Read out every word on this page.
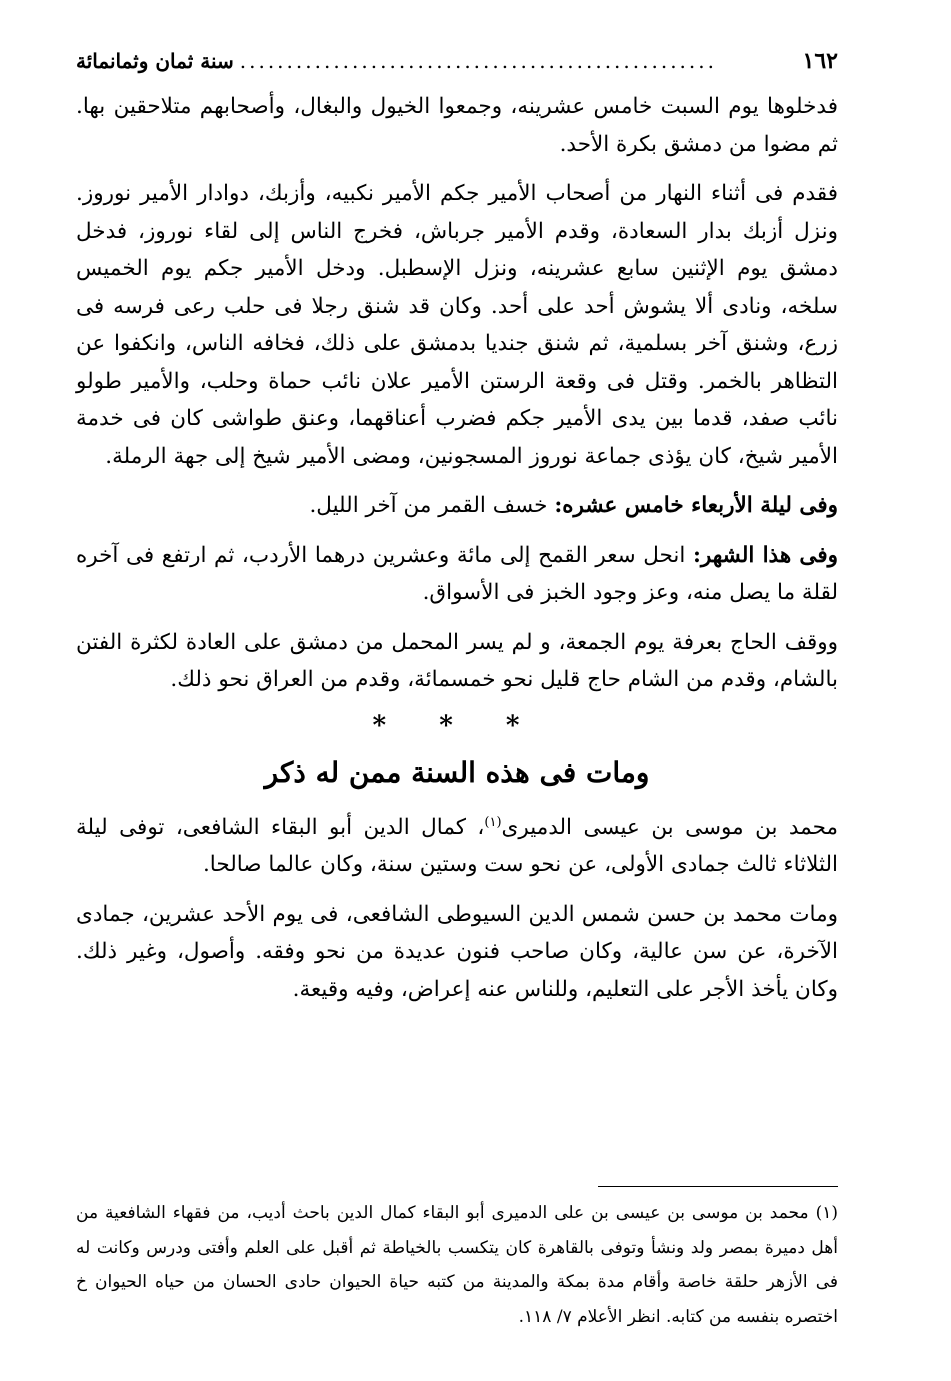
١٦٢
...................................................
سنة ثمان وثمانمائة

فدخلوها يوم السبت خامس عشرينه، وجمعوا الخيول والبغال، وأصحابهم متلاحقين بها. ثم مضوا من دمشق بكرة الأحد.

فقدم فى أثناء النهار من أصحاب الأمير جكم الأمير نكبيه، وأزبك، دوادار الأمير نوروز. ونزل أزبك بدار السعادة، وقدم الأمير جرباش، فخرج الناس إلى لقاء نوروز، فدخل دمشق يوم الإثنين سابع عشرينه، ونزل الإسطبل. ودخل الأمير جكم يوم الخميس سلخه، ونادى ألا يشوش أحد على أحد. وكان قد شنق رجلا فى حلب رعى فرسه فى زرع، وشنق آخر بسلمية، ثم شنق جنديا بدمشق على ذلك، فخافه الناس، وانكفوا عن التظاهر بالخمر. وقتل فى وقعة الرستن الأمير علان نائب حماة وحلب، والأمير طولو نائب صفد، قدما بين يدى الأمير جكم فضرب أعناقهما، وعنق طواشى كان فى خدمة الأمير شيخ، كان يؤذى جماعة نوروز المسجونين، ومضى الأمير شيخ إلى جهة الرملة.

وفى ليلة الأربعاء خامس عشره: خسف القمر من آخر الليل.

وفى هذا الشهر: انحل سعر القمح إلى مائة وعشرين درهما الأردب، ثم ارتفع فى آخره لقلة ما يصل منه، وعز وجود الخبز فى الأسواق.

ووقف الحاج بعرفة يوم الجمعة، و لم يسر المحمل من دمشق على العادة لكثرة الفتن بالشام، وقدم من الشام حاج قليل نحو خمسمائة، وقدم من العراق نحو ذلك.

* * *
ومات فى هذه السنة ممن له ذكر

محمد بن موسى بن عيسى الدميرى$^{(١)}$، كمال الدين أبو البقاء الشافعى، توفى ليلة الثلاثاء ثالث جمادى الأولى، عن نحو ست وستين سنة، وكان عالما صالحا.

ومات محمد بن حسن شمس الدين السيوطى الشافعى، فى يوم الأحد عشرين، جمادى الآخرة، عن سن عالية، وكان صاحب فنون عديدة من نحو وفقه. وأصول، وغير ذلك. وكان يأخذ الأجر على التعليم، وللناس عنه إعراض، وفيه وقيعة.

(١) محمد بن موسى بن عيسى بن على الدميرى أبو البقاء كمال الدين باحث أديب، من فقهاء الشافعية من أهل دميرة بمصر ولد ونشأ وتوفى بالقاهرة كان يتكسب بالخياطة ثم أقبل على العلم وأفتى ودرس وكانت له فى الأزهر حلقة خاصة وأقام مدة بمكة والمدينة من كتبه حياة الحيوان حادى الحسان من حياه الحيوان خ اختصره بنفسه من كتابه. انظر الأعلام ٧/ ١١٨.
